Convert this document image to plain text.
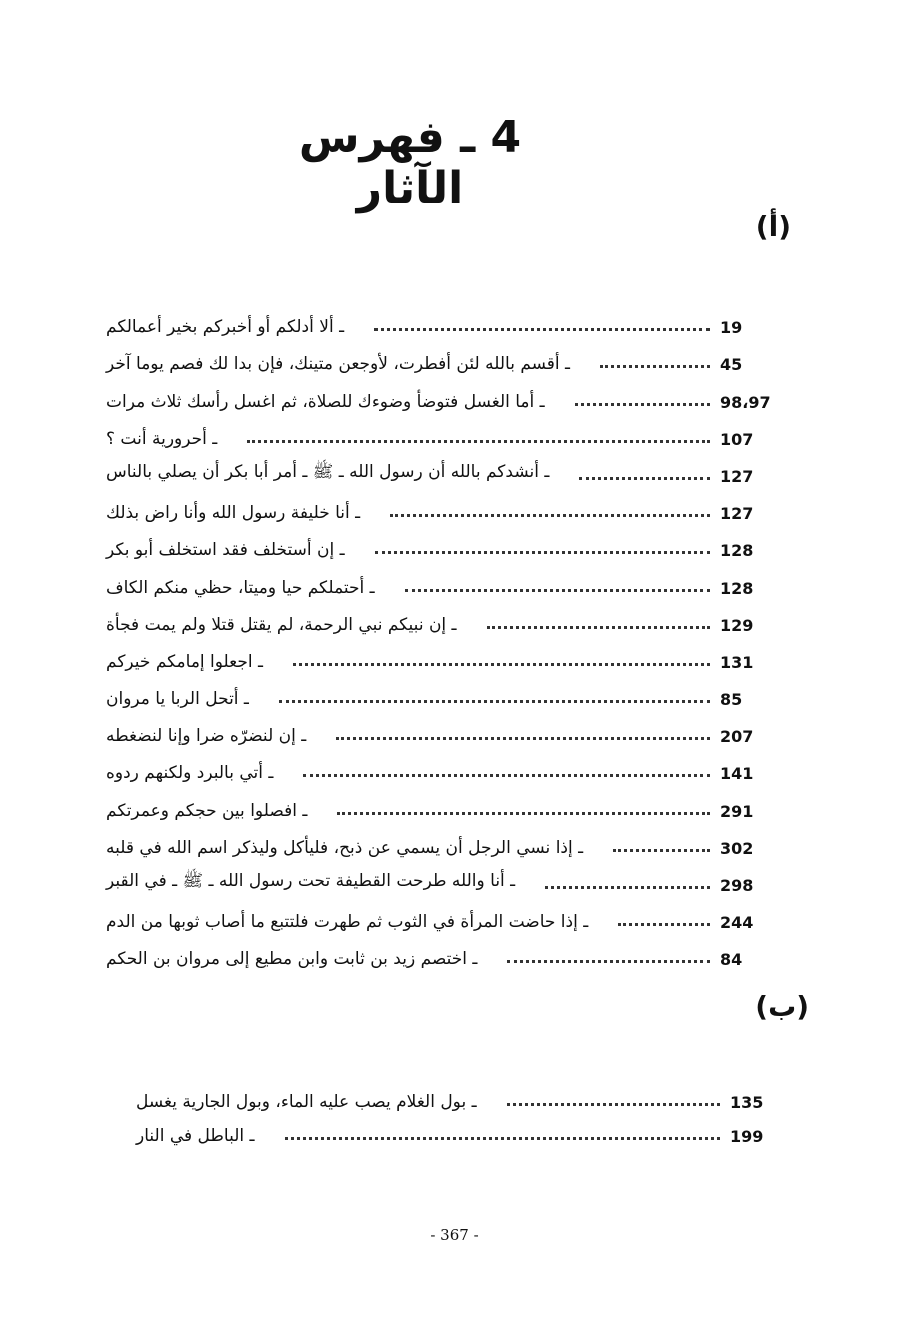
4 ـ فهرس الآثار
(أ)
ـ ألا أدلكم أو أخبركم بخير أعمالكم	19
ـ أقسم بالله لئن أفطرت، لأوجعن متينك، فإن بدا لك فصم يوما آخر	45
ـ أما الغسل فتوضأ وضوءك للصلاة، ثم اغسل رأسك ثلاث مرات	98،97
ـ أحرورية أنت ؟	107
ـ أنشدكم بالله أن رسول الله ـ ﷺ ـ أمر أبا بكر أن يصلي بالناس	127
ـ أنا خليفة رسول الله وأنا راض بذلك	127
ـ إن أستخلف فقد استخلف أبو بكر	128
ـ أحتملكم حيا وميتا، حظي منكم الكاف	128
ـ إن نبيكم نبي الرحمة، لم يقتل قتلا ولم يمت فجأة	129
ـ اجعلوا إمامكم خيركم	131
ـ أتحل الربا يا مروان	85
ـ إن لنضرّه ضرا وإنا لنضغطه	207
ـ أتي بالبرد ولكنهم ردوه	141
ـ افصلوا بين حجكم وعمرتكم	291
ـ إذا نسي الرجل أن يسمي عن ذبح، فليأكل وليذكر اسم الله في قلبه	302
ـ أنا والله طرحت القطيفة تحت رسول الله ـ ﷺ ـ في القبر	298
ـ إذا حاضت المرأة في الثوب ثم طهرت فلتتبع ما أصاب ثوبها من الدم	244
ـ اختصم زيد بن ثابت وابن مطيع إلى مروان بن الحكم	84
(ب)
ـ بول الغلام يصب عليه الماء، وبول الجارية يغسل	135
ـ الباطل في النار	199
- 367 -
